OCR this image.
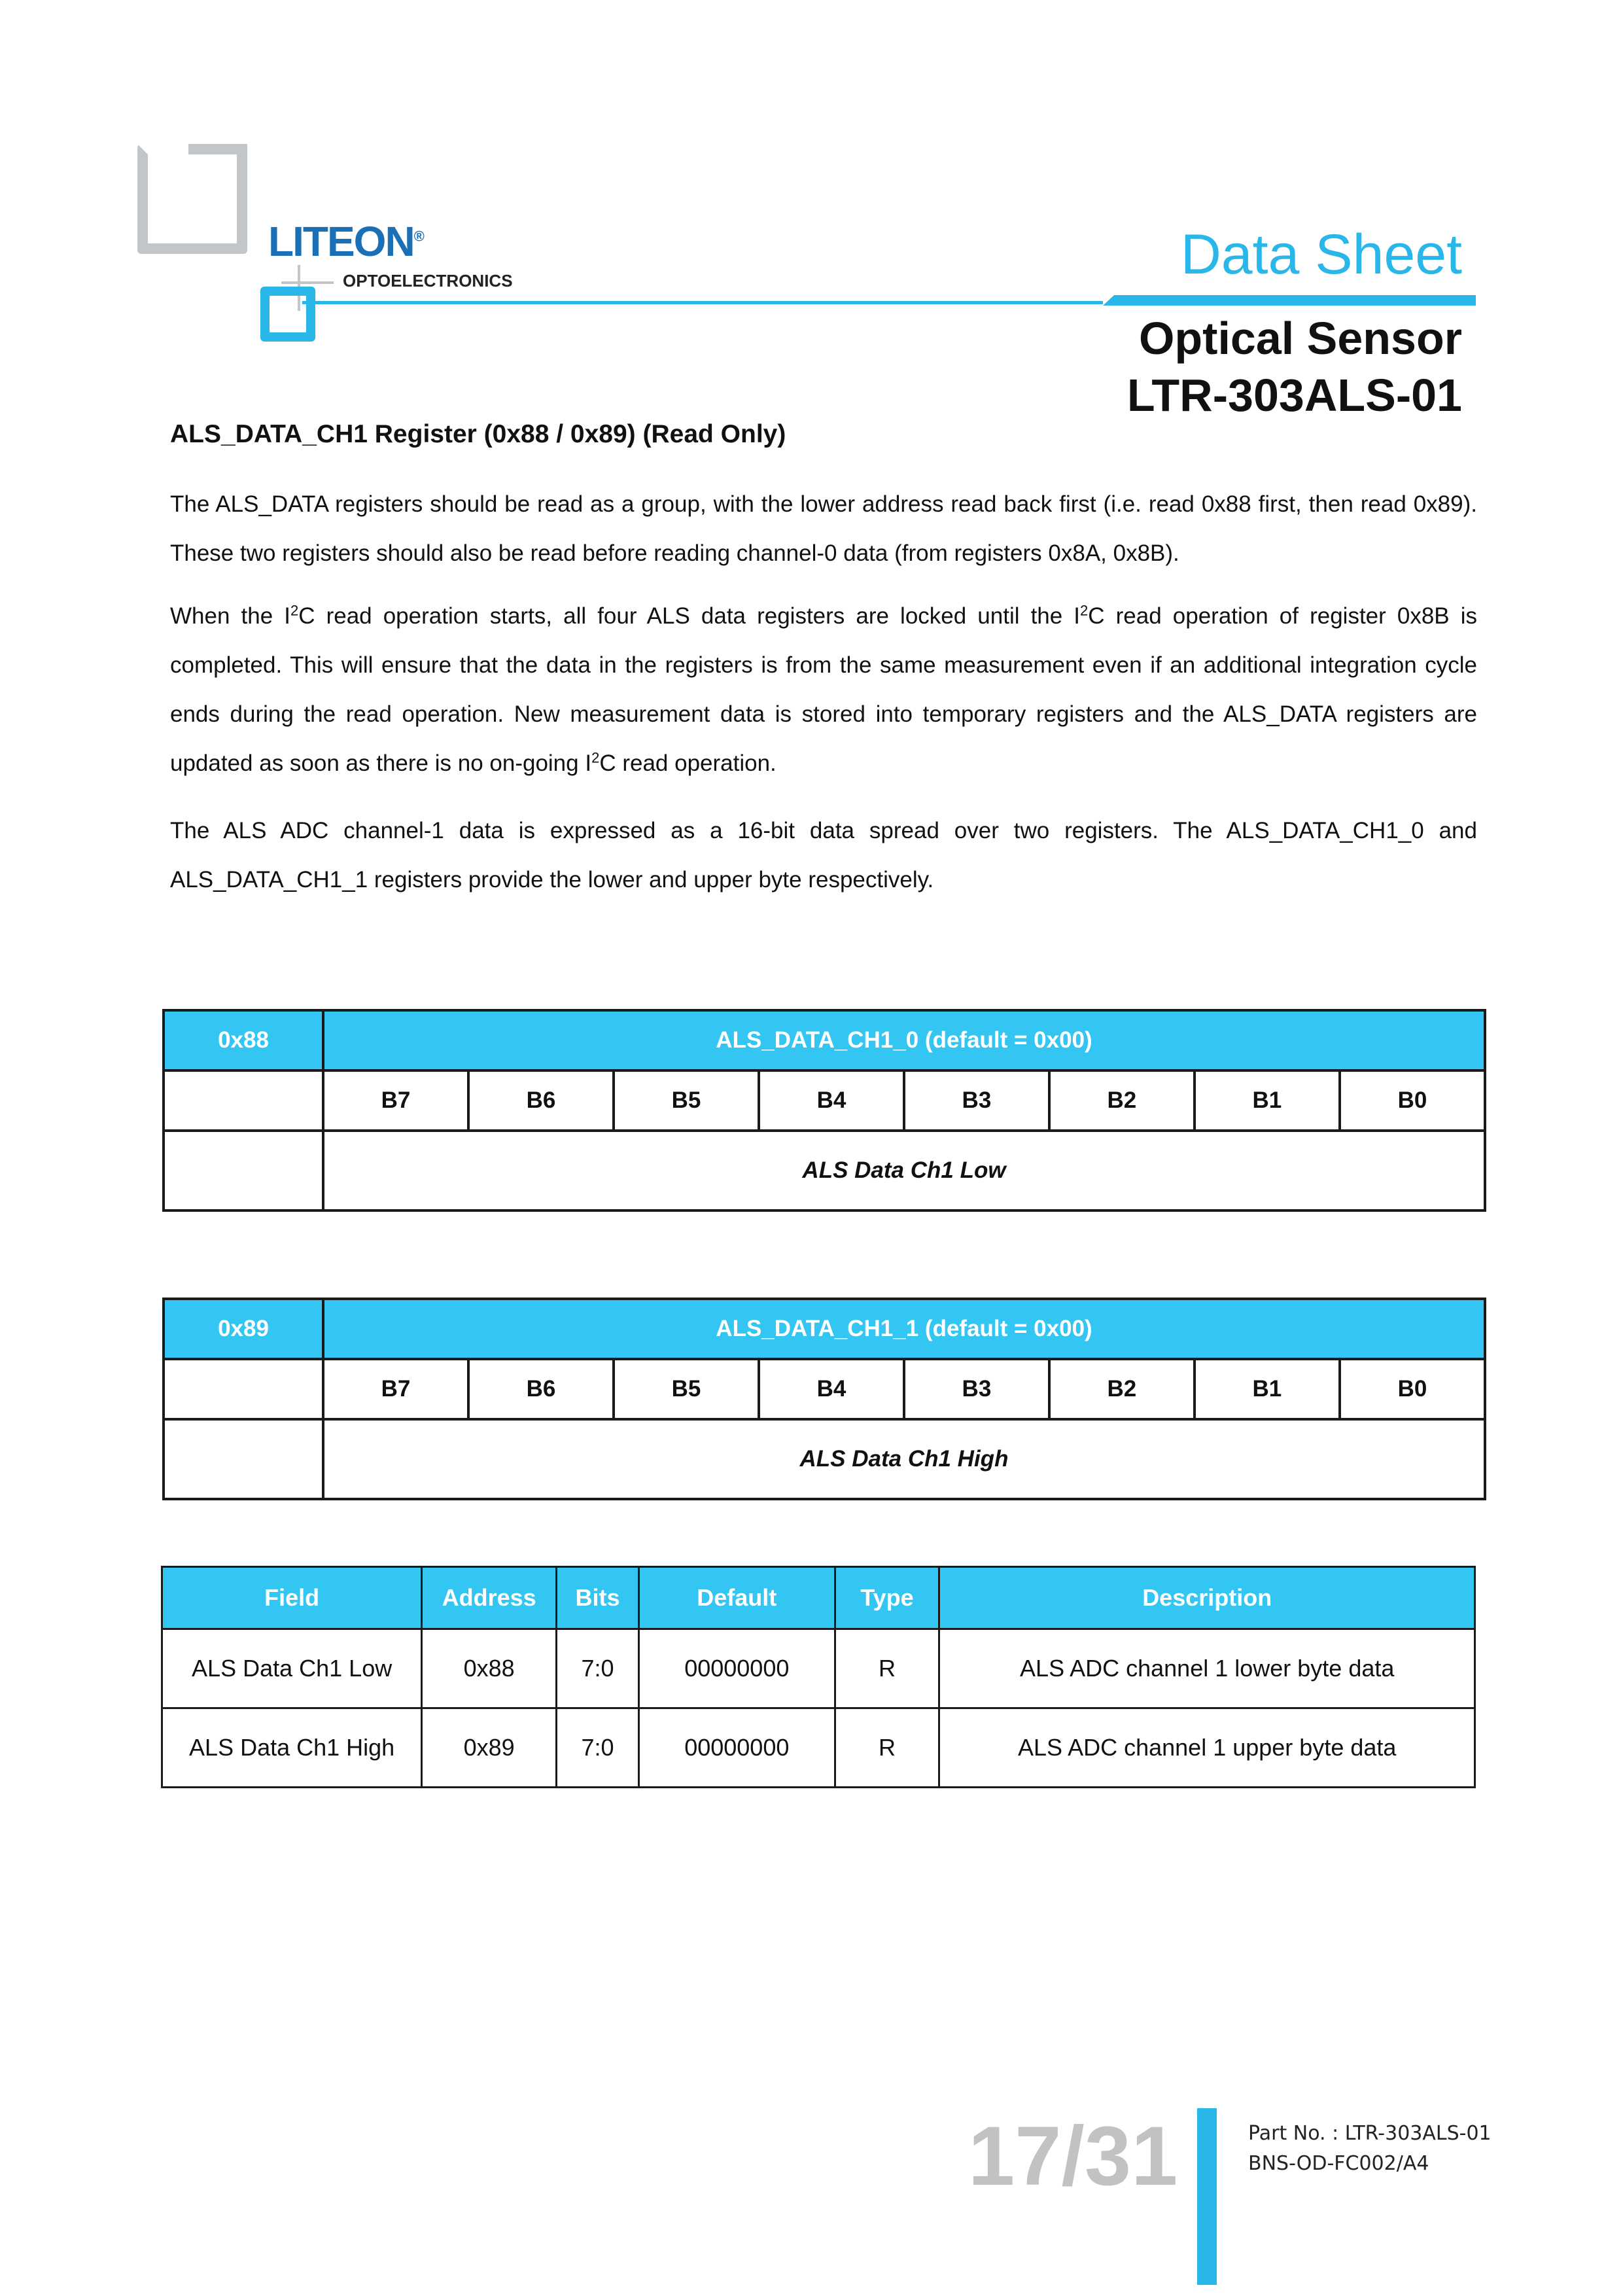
LITEON®
OPTOELECTRONICS	Data Sheet
Optical Sensor
LTR-303ALS-01
ALS_DATA_CH1 Register (0x88 / 0x89) (Read Only)

The ALS_DATA registers should be read as a group, with the lower address read back first (i.e. read 0x88 first, then read 0x89). These two registers should also be read before reading channel-0 data (from registers 0x8A, 0x8B).

When the $I^2C$ read operation starts, all four ALS data registers are locked until the $I^2C$ read operation of register 0x8B is completed. This will ensure that the data in the registers is from the same measurement even if an additional integration cycle ends during the read operation. New measurement data is stored into temporary registers and the ALS_DATA registers are updated as soon as there is no on-going $I^2C$ read operation.

The ALS ADC channel-1 data is expressed as a 16-bit data spread over two registers. The ALS_DATA_CH1_0 and ALS_DATA_CH1_1 registers provide the lower and upper byte respectively.

0x88	ALS_DATA_CH1_0 (default = 0x00)							
	B7	B6	B5	B4	B3	B2	B1	B0
	ALS Data Ch1 Low							
0x89	ALS_DATA_CH1_1 (default = 0x00)							
	B7	B6	B5	B4	B3	B2	B1	B0
	ALS Data Ch1 High							
Field	Address	Bits	Default	Type	Description
ALS Data Ch1 Low	0x88	7:0	00000000	R	ALS ADC channel 1 lower byte data
ALS Data Ch1 High	0x89	7:0	00000000	R	ALS ADC channel 1 upper byte data
17/31	Part No. : LTR-303ALS-01
BNS-OD-FC002/A4
